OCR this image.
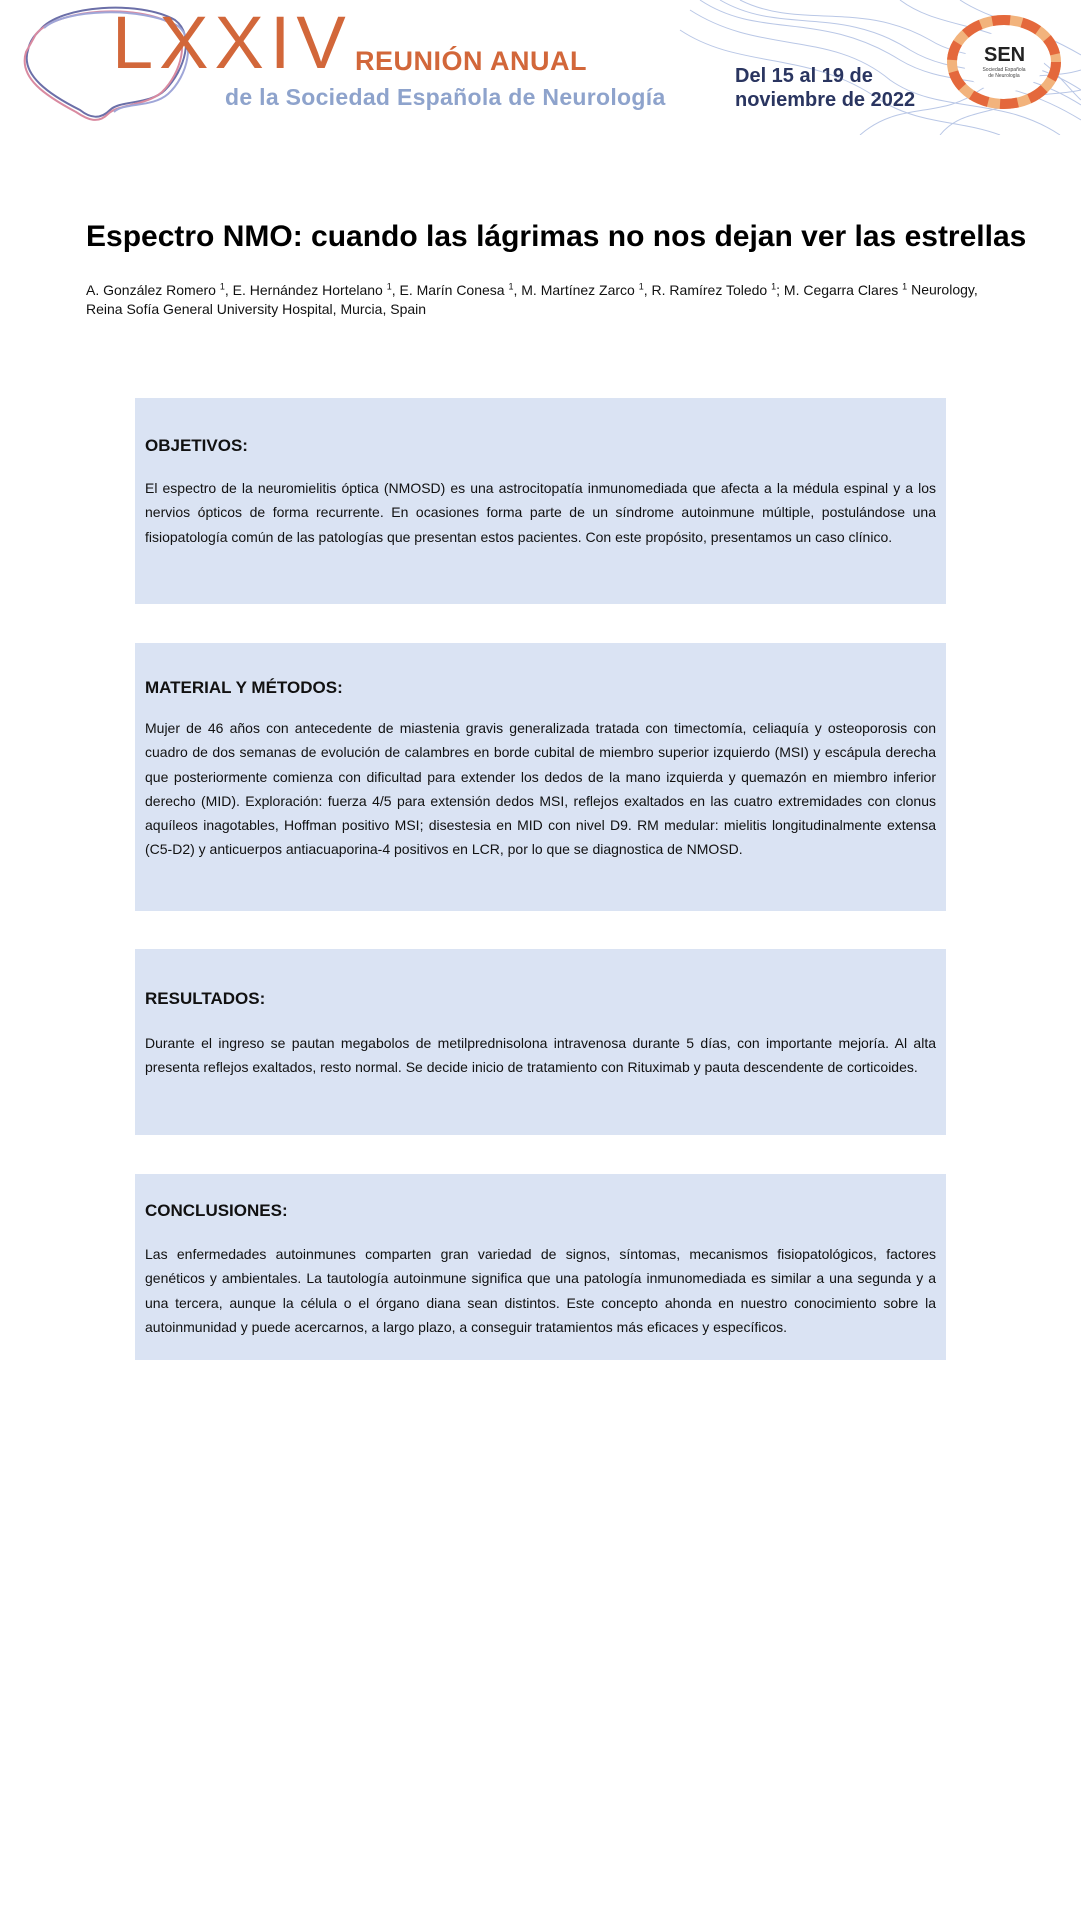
LXXIV REUNIÓN ANUAL
de la Sociedad Española de Neurología
Del 15 al 19 de
noviembre de 2022
SEN
Sociedad Española de Neurología
Espectro NMO: cuando las lágrimas no nos dejan ver las estrellas
A. González Romero $^1$, E. Hernández Hortelano $^1$, E. Marín Conesa $^1$, M. Martínez Zarco $^1$, R. Ramírez Toledo $^1$; M. Cegarra Clares $^1$ Neurology, Reina Sofía General University Hospital, Murcia, Spain
OBJETIVOS:

El espectro de la neuromielitis óptica (NMOSD) es una astrocitopatía inmunomediada que afecta a la médula espinal y a los nervios ópticos de forma recurrente. En ocasiones forma parte de un síndrome autoinmune múltiple, postulándose una fisiopatología común de las patologías que presentan estos pacientes. Con este propósito, presentamos un caso clínico.

MATERIAL Y MÉTODOS:

Mujer de 46 años con antecedente de miastenia gravis generalizada tratada con timectomía, celiaquía y osteoporosis con cuadro de dos semanas de evolución de calambres en borde cubital de miembro superior izquierdo (MSI) y escápula derecha que posteriormente comienza con dificultad para extender los dedos de la mano izquierda y quemazón en miembro inferior derecho (MID). Exploración: fuerza 4/5 para extensión dedos MSI, reflejos exaltados en las cuatro extremidades con clonus aquíleos inagotables, Hoffman positivo MSI; disestesia en MID con nivel D9. RM medular: mielitis longitudinalmente extensa (C5-D2) y anticuerpos antiacuaporina-4 positivos en LCR, por lo que se diagnostica de NMOSD.

RESULTADOS:

Durante el ingreso se pautan megabolos de metilprednisolona intravenosa durante 5 días, con importante mejoría. Al alta presenta reflejos exaltados, resto normal. Se decide inicio de tratamiento con Rituximab y pauta descendente de corticoides.

CONCLUSIONES:

Las enfermedades autoinmunes comparten gran variedad de signos, síntomas, mecanismos fisiopatológicos, factores genéticos y ambientales. La tautología autoinmune significa que una patología inmunomediada es similar a una segunda y a una tercera, aunque la célula o el órgano diana sean distintos. Este concepto ahonda en nuestro conocimiento sobre la autoinmunidad y puede acercarnos, a largo plazo, a conseguir tratamientos más eficaces y específicos.
